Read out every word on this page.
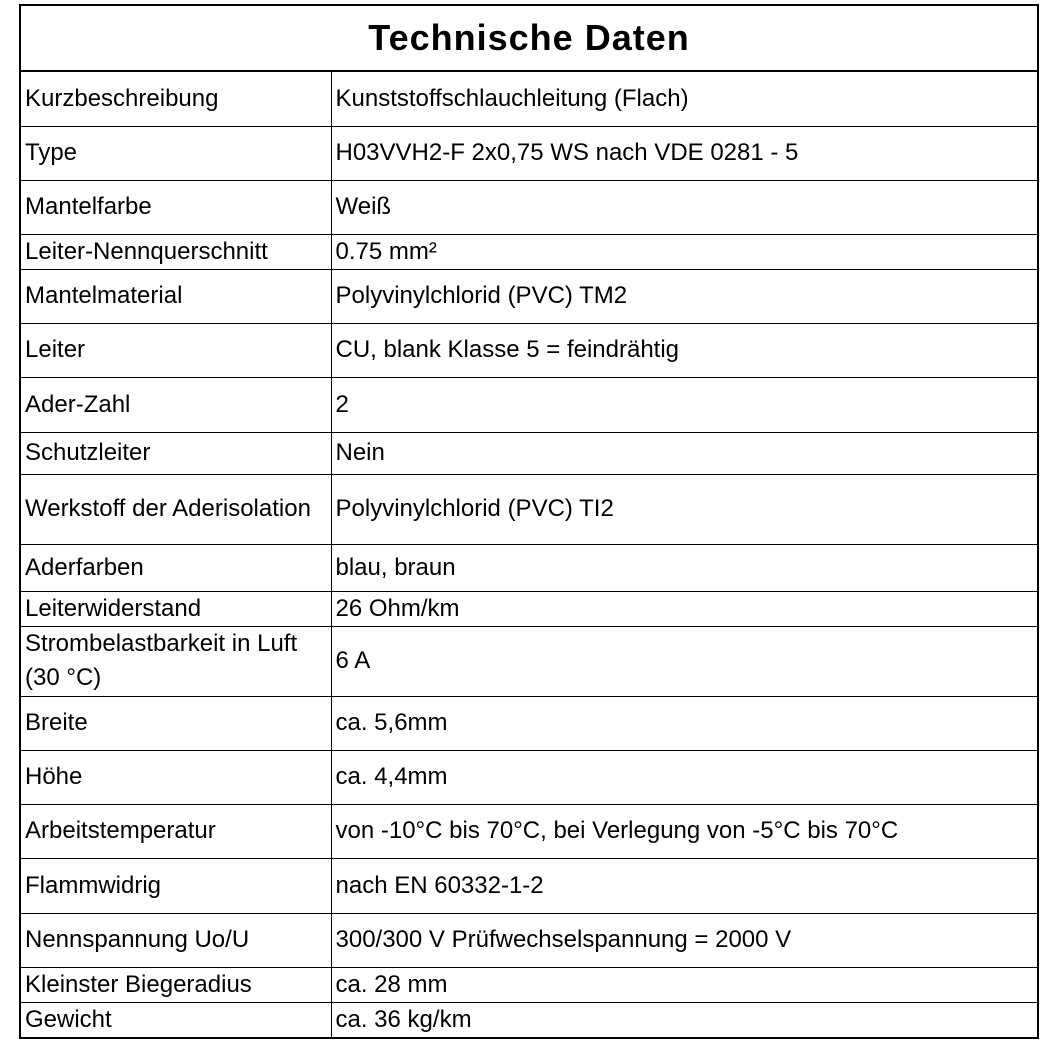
Technische Daten	
Kurzbeschreibung	Kunststoffschlauchleitung (Flach)
Type	H03VVH2-F 2x0,75 WS nach VDE 0281 - 5
Mantelfarbe	Weiß
Leiter-Nennquerschnitt	0.75 mm²
Mantelmaterial	Polyvinylchlorid (PVC) TM2
Leiter	CU, blank Klasse 5 = feindrähtig
Ader-Zahl	2
Schutzleiter	Nein
Werkstoff der Aderisolation	Polyvinylchlorid (PVC) TI2
Aderfarben	blau, braun
Leiterwiderstand	26 Ohm/km
Strombelastbarkeit in Luft (30 °C)	6 A
Breite	ca. 5,6mm
Höhe	ca. 4,4mm
Arbeitstemperatur	von -10°C bis 70°C, bei Verlegung von -5°C bis 70°C
Flammwidrig	nach EN 60332-1-2
Nennspannung Uo/U	300/300 V Prüfwechselspannung = 2000 V
Kleinster Biegeradius	ca. 28 mm
Gewicht	ca. 36 kg/km
